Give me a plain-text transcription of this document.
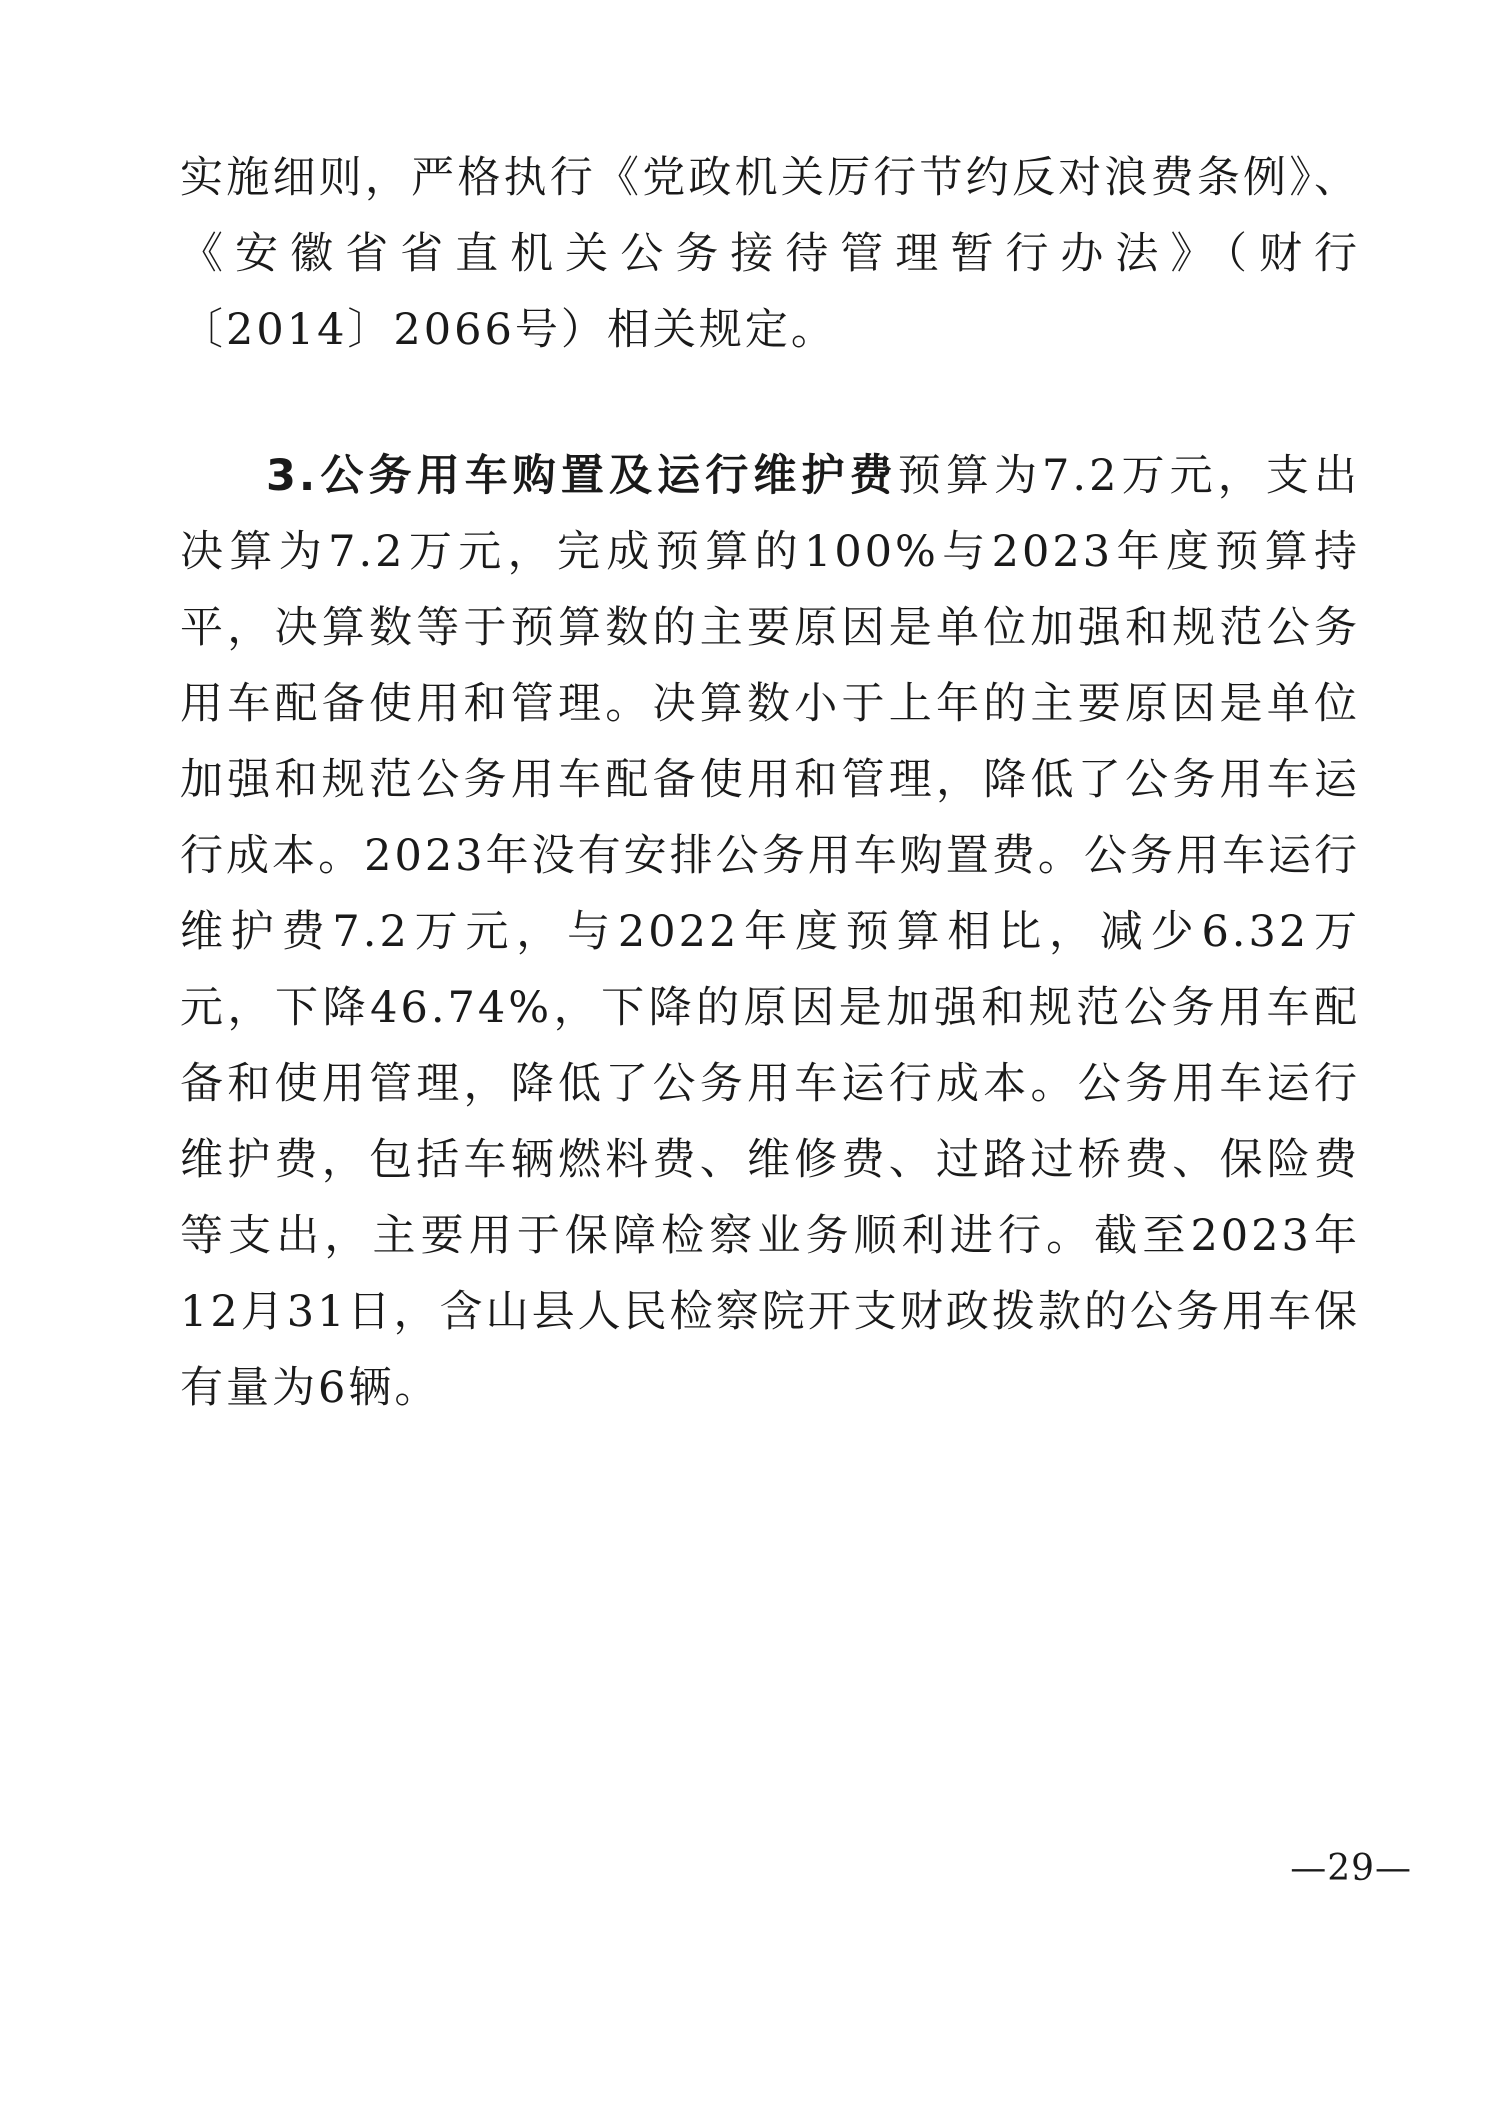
实施细则，严格执行《党政机关厉行节约反对浪费条例》、《安徽省省直机关公务接待管理暂行办法》（财行〔2014〕2066号）相关规定。

3.公务用车购置及运行维护费预算为7.2万元，支出决算为7.2万元，完成预算的100%与2023年度预算持平，决算数等于预算数的主要原因是单位加强和规范公务用车配备使用和管理。决算数小于上年的主要原因是单位加强和规范公务用车配备使用和管理，降低了公务用车运行成本。2023年没有安排公务用车购置费。公务用车运行维护费7.2万元，与2022年度预算相比，减少6.32万元，下降46.74%，下降的原因是加强和规范公务用车配备和使用管理，降低了公务用车运行成本。公务用车运行维护费，包括车辆燃料费、维修费、过路过桥费、保险费等支出，主要用于保障检察业务顺利进行。截至2023年12月31日，含山县人民检察院开支财政拨款的公务用车保有量为6辆。

—29—
